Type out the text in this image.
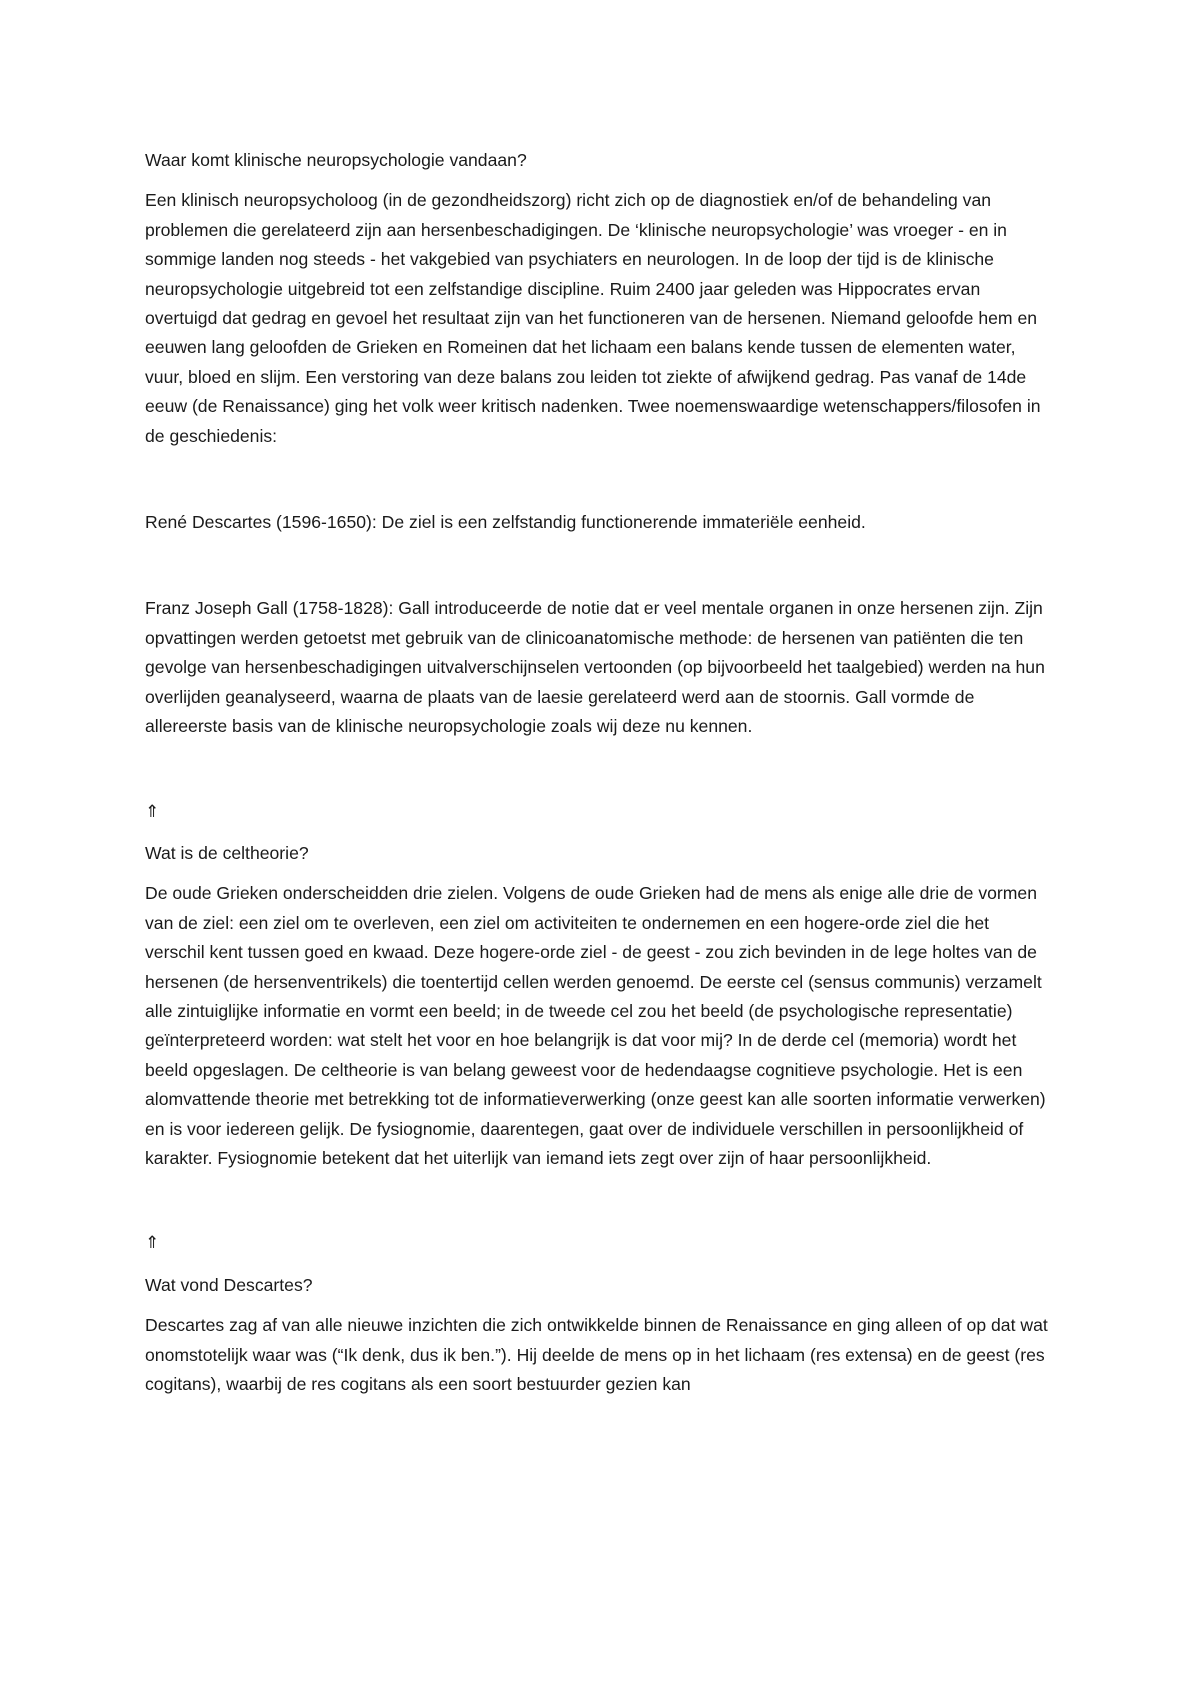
Waar komt klinische neuropsychologie vandaan?

Een klinisch neuropsycholoog (in de gezondheidszorg) richt zich op de diagnostiek en/of de behandeling van problemen die gerelateerd zijn aan hersenbeschadigingen. De ‘klinische neuropsychologie’ was vroeger - en in sommige landen nog steeds - het vakgebied van psychiaters en neurologen. In de loop der tijd is de klinische neuropsychologie uitgebreid tot een zelfstandige discipline. Ruim 2400 jaar geleden was Hippocrates ervan overtuigd dat gedrag en gevoel het resultaat zijn van het functioneren van de hersenen. Niemand geloofde hem en eeuwen lang geloofden de Grieken en Romeinen dat het lichaam een balans kende tussen de elementen water, vuur, bloed en slijm. Een verstoring van deze balans zou leiden tot ziekte of afwijkend gedrag. Pas vanaf de 14de eeuw (de Renaissance) ging het volk weer kritisch nadenken. Twee noemenswaardige wetenschappers/filosofen in de geschiedenis:

René Descartes (1596-1650): De ziel is een zelfstandig functionerende immateriële eenheid.

Franz Joseph Gall (1758-1828): Gall introduceerde de notie dat er veel mentale organen in onze hersenen zijn. Zijn opvattingen werden getoetst met gebruik van de clinicoanatomische methode: de hersenen van patiënten die ten gevolge van hersenbeschadigingen uitvalverschijnselen vertoonden (op bijvoorbeeld het taalgebied) werden na hun overlijden geanalyseerd, waarna de plaats van de laesie gerelateerd werd aan de stoornis. Gall vormde de allereerste basis van de klinische neuropsychologie zoals wij deze nu kennen.

⇑

Wat is de celtheorie?

De oude Grieken onderscheidden drie zielen. Volgens de oude Grieken had de mens als enige alle drie de vormen van de ziel: een ziel om te overleven, een ziel om activiteiten te ondernemen en een hogere-orde ziel die het verschil kent tussen goed en kwaad. Deze hogere-orde ziel - de geest - zou zich bevinden in de lege holtes van de hersenen (de hersenventrikels) die toentertijd cellen werden genoemd. De eerste cel (sensus communis) verzamelt alle zintuiglijke informatie en vormt een beeld; in de tweede cel zou het beeld (de psychologische representatie) geïnterpreteerd worden: wat stelt het voor en hoe belangrijk is dat voor mij? In de derde cel (memoria) wordt het beeld opgeslagen. De celtheorie is van belang geweest voor de hedendaagse cognitieve psychologie. Het is een alomvattende theorie met betrekking tot de informatieverwerking (onze geest kan alle soorten informatie verwerken) en is voor iedereen gelijk. De fysiognomie, daarentegen, gaat over de individuele verschillen in persoonlijkheid of karakter. Fysiognomie betekent dat het uiterlijk van iemand iets zegt over zijn of haar persoonlijkheid.

⇑

Wat vond Descartes?

Descartes zag af van alle nieuwe inzichten die zich ontwikkelde binnen de Renaissance en ging alleen of op dat wat onomstotelijk waar was (“Ik denk, dus ik ben.”). Hij deelde de mens op in het lichaam (res extensa) en de geest (res cogitans), waarbij de res cogitans als een soort bestuurder gezien kan
